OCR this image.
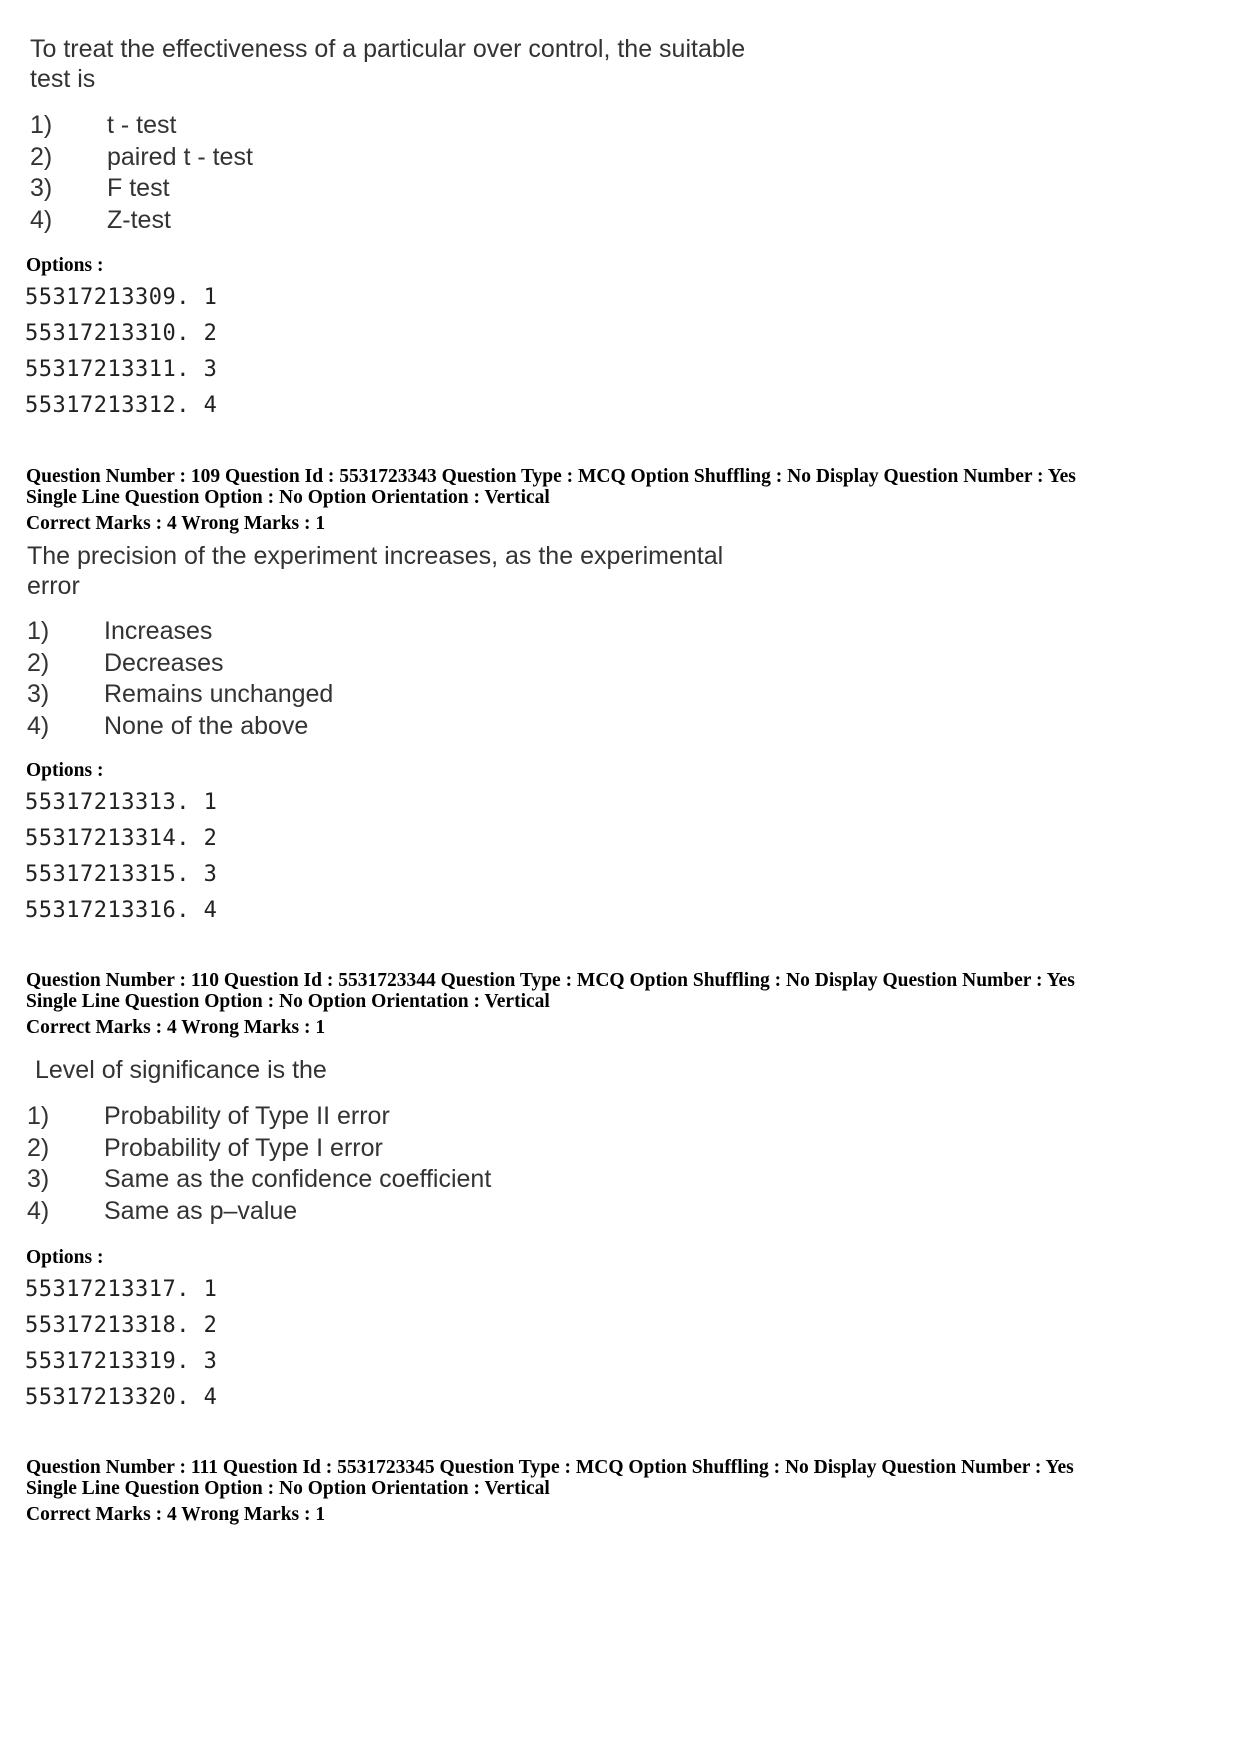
To treat the effectiveness of a particular over control, the suitable
test is
1)	t - test
2)	paired t - test
3)	F test
4)	Z-test
Options :
55317213309. 1
55317213310. 2
55317213311. 3
55317213312. 4
Question Number : 109 Question Id : 5531723343 Question Type : MCQ Option Shuffling : No Display Question Number : Yes
Single Line Question Option : No Option Orientation : Vertical
Correct Marks : 4 Wrong Marks : 1
The precision of the experiment increases, as the experimental
error
1)	Increases
2)	Decreases
3)	Remains unchanged
4)	None of the above
Options :
55317213313. 1
55317213314. 2
55317213315. 3
55317213316. 4
Question Number : 110 Question Id : 5531723344 Question Type : MCQ Option Shuffling : No Display Question Number : Yes
Single Line Question Option : No Option Orientation : Vertical
Correct Marks : 4 Wrong Marks : 1
Level of significance is the
1)	Probability of Type II error
2)	Probability of Type I error
3)	Same as the confidence coefficient
4)	Same as p–value
Options :
55317213317. 1
55317213318. 2
55317213319. 3
55317213320. 4
Question Number : 111 Question Id : 5531723345 Question Type : MCQ Option Shuffling : No Display Question Number : Yes
Single Line Question Option : No Option Orientation : Vertical
Correct Marks : 4 Wrong Marks : 1
